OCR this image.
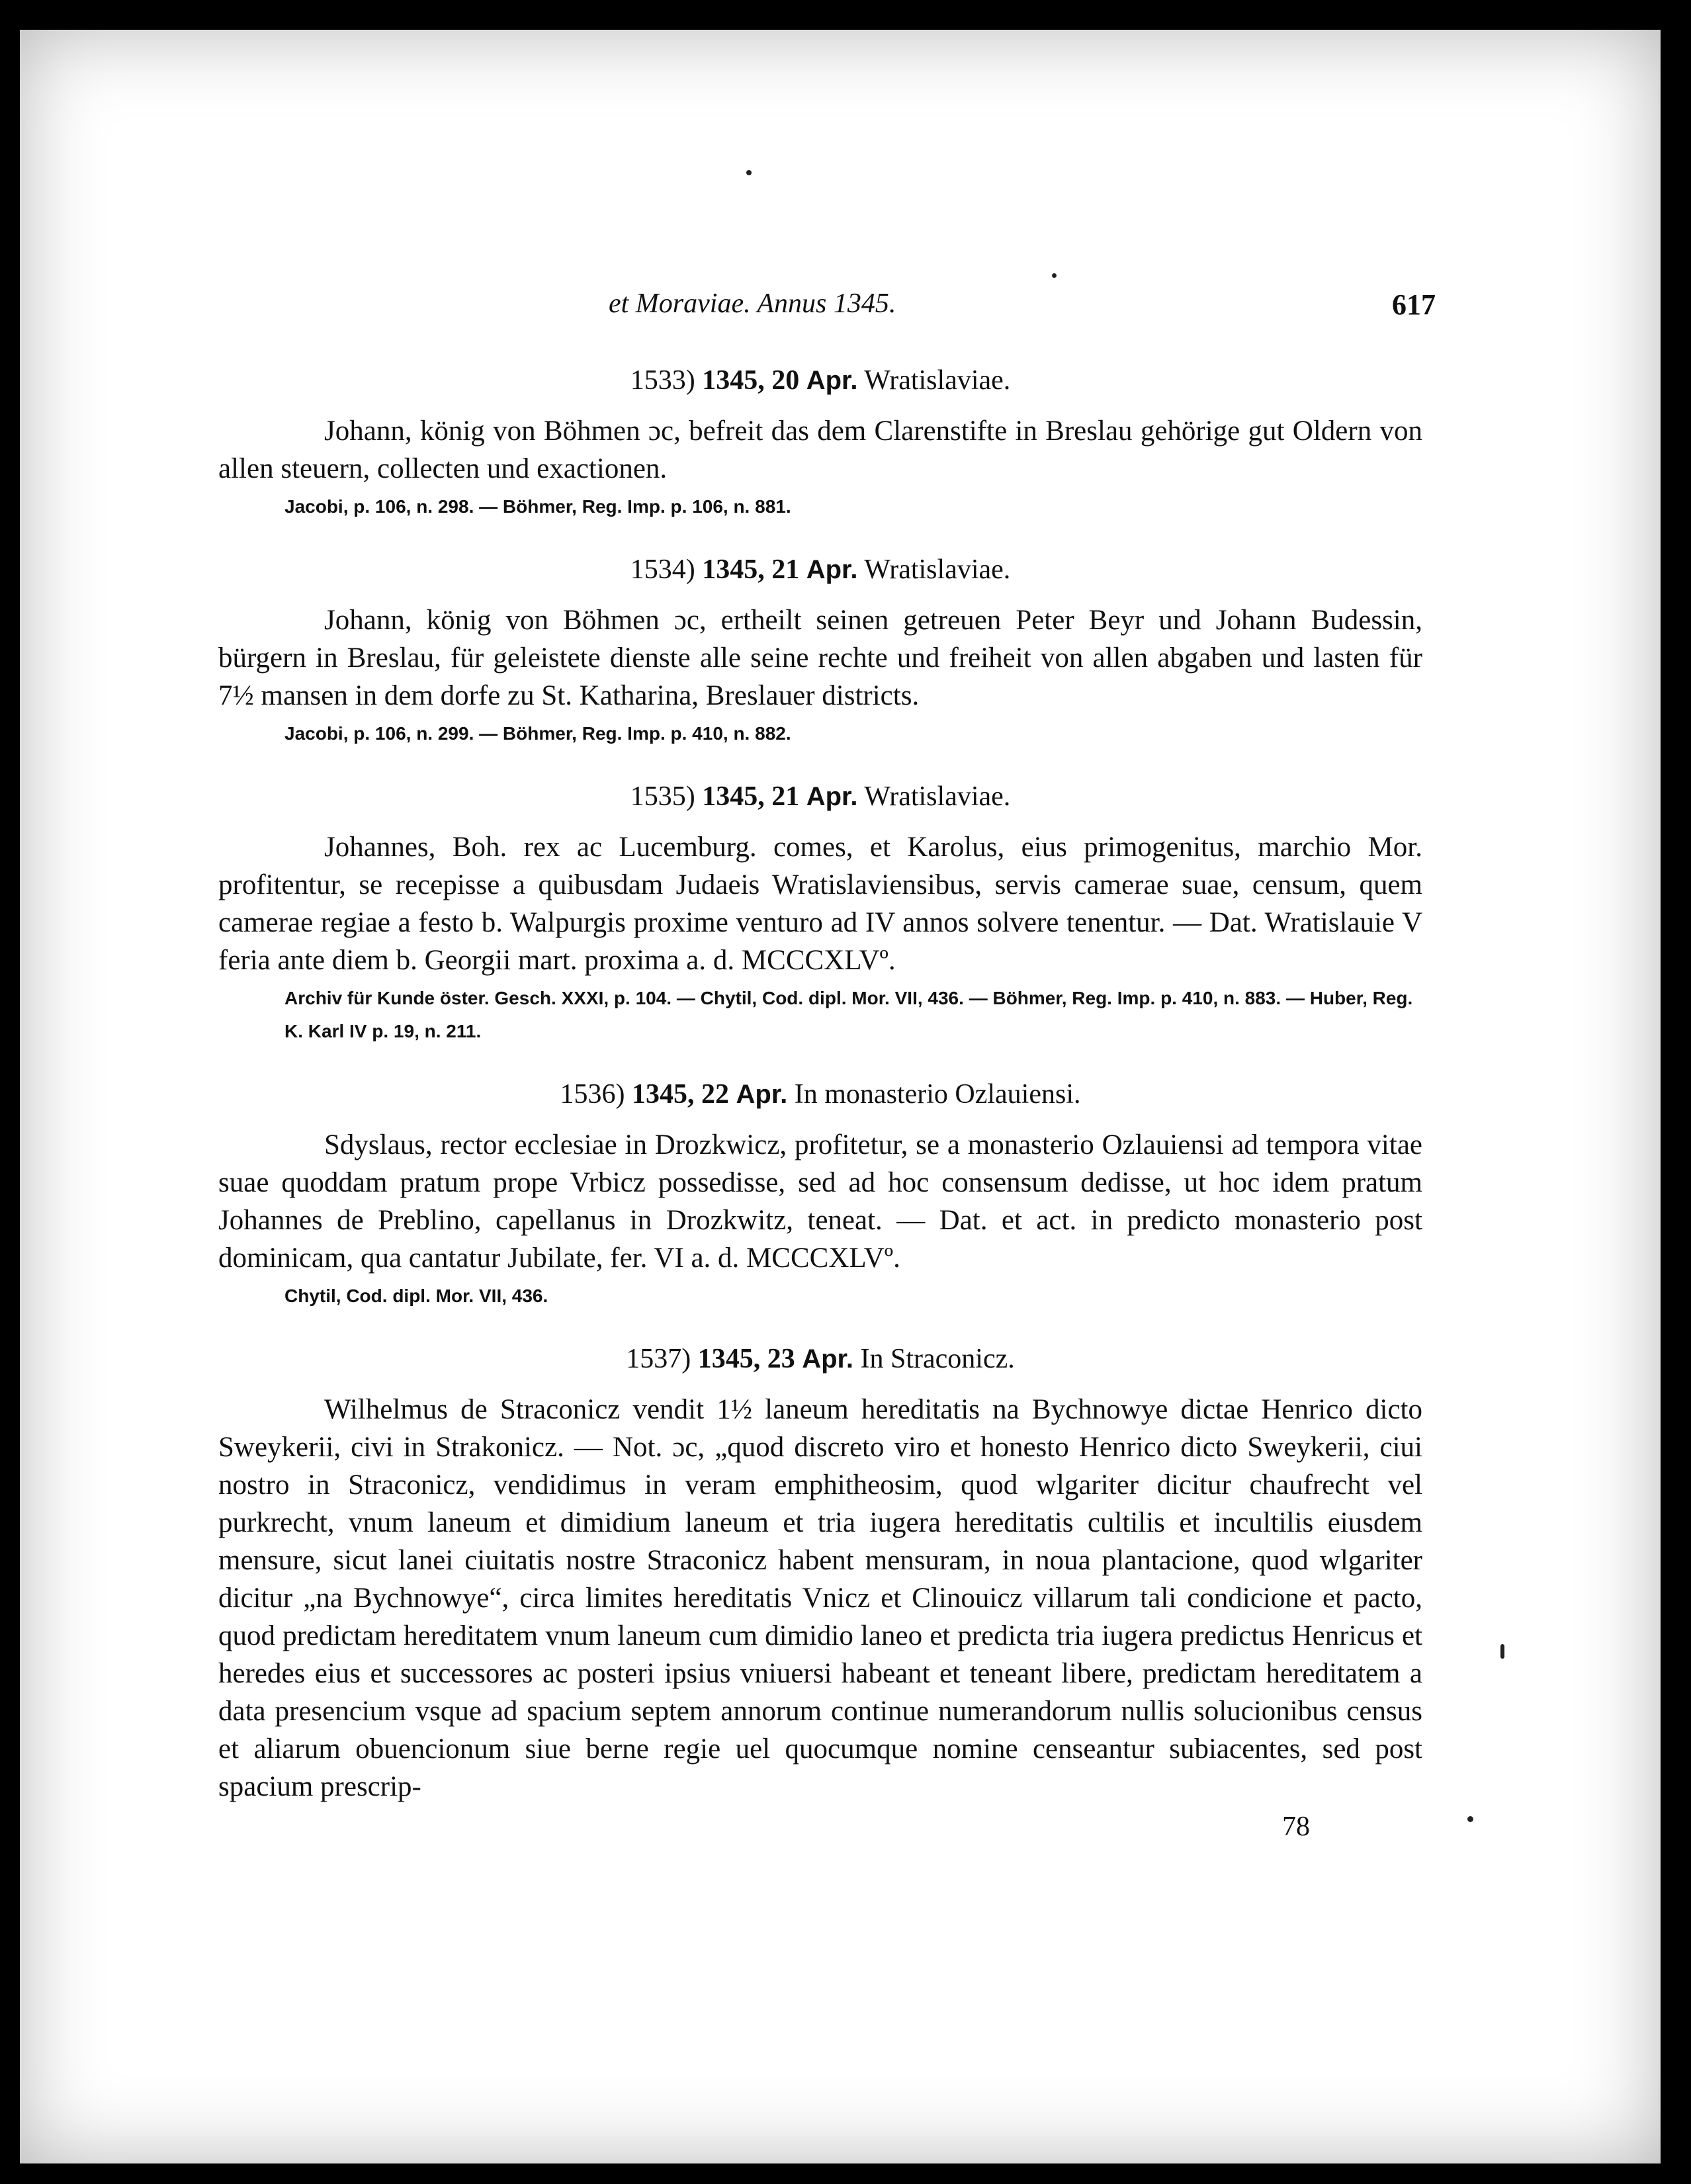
et Moraviae. Annus 1345.	617
1533) 1345, 20 Apr. Wratislaviae.

Johann, könig von Böhmen ɔc, befreit das dem Clarenstifte in Breslau gehörige gut Oldern von allen steuern, collecten und exactionen.

Jacobi, p. 106, n. 298. — Böhmer, Reg. Imp. p. 106, n. 881.
1534) 1345, 21 Apr. Wratislaviae.

Johann, könig von Böhmen ɔc, ertheilt seinen getreuen Peter Beyr und Johann Budessin, bürgern in Breslau, für geleistete dienste alle seine rechte und freiheit von allen abgaben und lasten für 7½ mansen in dem dorfe zu St. Katharina, Breslauer districts.

Jacobi, p. 106, n. 299. — Böhmer, Reg. Imp. p. 410, n. 882.
1535) 1345, 21 Apr. Wratislaviae.

Johannes, Boh. rex ac Lucemburg. comes, et Karolus, eius primogenitus, marchio Mor. profitentur, se recepisse a quibusdam Judaeis Wratislaviensibus, servis camerae suae, censum, quem camerae regiae a festo b. Walpurgis proxime venturo ad IV annos solvere tenentur. — Dat. Wratislauie V feria ante diem b. Georgii mart. proxima a. d. MCCCXLVº.

Archiv für Kunde öster. Gesch. XXXI, p. 104. — Chytil, Cod. dipl. Mor. VII, 436. — Böhmer, Reg. Imp. p. 410, n. 883. — Huber, Reg. K. Karl IV p. 19, n. 211.
1536) 1345, 22 Apr. In monasterio Ozlauiensi.

Sdyslaus, rector ecclesiae in Drozkwicz, profitetur, se a monasterio Ozlauiensi ad tempora vitae suae quoddam pratum prope Vrbicz possedisse, sed ad hoc consensum dedisse, ut hoc idem pratum Johannes de Preblino, capellanus in Drozkwitz, teneat. — Dat. et act. in predicto monasterio post dominicam, qua cantatur Jubilate, fer. VI a. d. MCCCXLVº.

Chytil, Cod. dipl. Mor. VII, 436.
1537) 1345, 23 Apr. In Straconicz.

Wilhelmus de Straconicz vendit 1½ laneum hereditatis na Bychnowye dictae Henrico dicto Sweykerii, civi in Strakonicz. — Not. ɔc, „quod discreto viro et honesto Henrico dicto Sweykerii, ciui nostro in Straconicz, vendidimus in veram emphitheosim, quod wlgariter dicitur chaufrecht vel purkrecht, vnum laneum et dimidium laneum et tria iugera hereditatis cultilis et incultilis eiusdem mensure, sicut lanei ciuitatis nostre Straconicz habent mensuram, in noua plantacione, quod wlgariter dicitur „na Bychnowye“, circa limites hereditatis Vnicz et Clinouicz villarum tali condicione et pacto, quod predictam hereditatem vnum laneum cum dimidio laneo et predicta tria iugera predictus Henricus et heredes eius et successores ac posteri ipsius vniuersi habeant et teneant libere, predictam hereditatem a data presencium vsque ad spacium septem annorum continue numerandorum nullis solucionibus census et aliarum obuencionum siue berne regie uel quocumque nomine censeantur subiacentes, sed post spacium prescrip-

78
